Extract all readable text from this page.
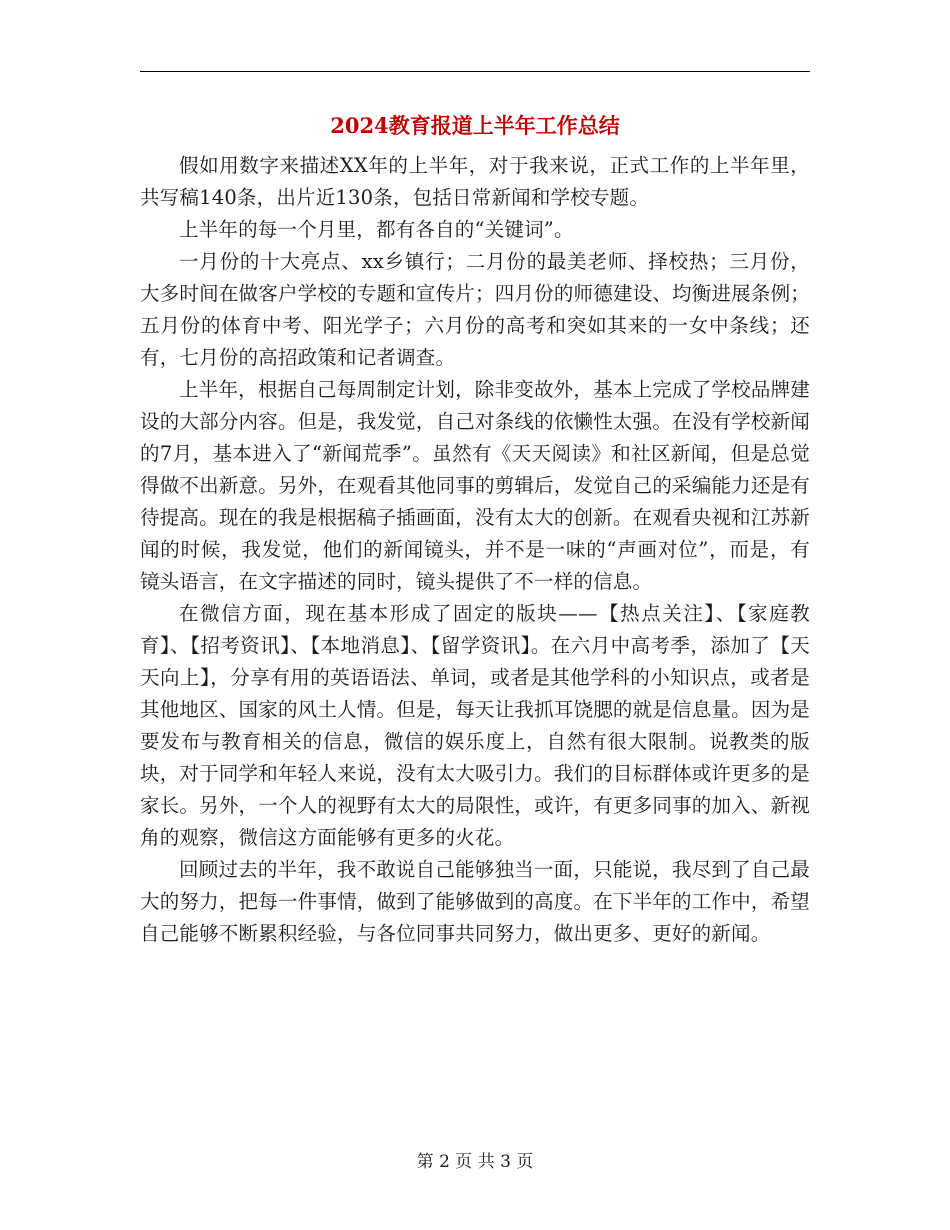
2024教育报道上半年工作总结

假如用数字来描述XX年的上半年，对于我来说，正式工作的上半年里，共写稿140条，出片近130条，包括日常新闻和学校专题。

上半年的每一个月里，都有各自的“关键词”。

一月份的十大亮点、xx乡镇行；二月份的最美老师、择校热；三月份，大多时间在做客户学校的专题和宣传片；四月份的师德建设、均衡进展条例；五月份的体育中考、阳光学子；六月份的高考和突如其来的一女中条线；还有，七月份的高招政策和记者调查。

上半年，根据自己每周制定计划，除非变故外，基本上完成了学校品牌建设的大部分内容。但是，我发觉，自己对条线的依懒性太强。在没有学校新闻的7月，基本进入了“新闻荒季”。虽然有《天天阅读》和社区新闻，但是总觉得做不出新意。另外，在观看其他同事的剪辑后，发觉自己的采编能力还是有待提高。现在的我是根据稿子插画面，没有太大的创新。在观看央视和江苏新闻的时候，我发觉，他们的新闻镜头，并不是一味的“声画对位”，而是，有镜头语言，在文字描述的同时，镜头提供了不一样的信息。

在微信方面，现在基本形成了固定的版块——【热点关注】、【家庭教育】、【招考资讯】、【本地消息】、【留学资讯】。在六月中高考季，添加了【天天向上】，分享有用的英语语法、单词，或者是其他学科的小知识点，或者是其他地区、国家的风土人情。但是，每天让我抓耳饶腮的就是信息量。因为是要发布与教育相关的信息，微信的娱乐度上，自然有很大限制。说教类的版块，对于同学和年轻人来说，没有太大吸引力。我们的目标群体或许更多的是家长。另外，一个人的视野有太大的局限性，或许，有更多同事的加入、新视角的观察，微信这方面能够有更多的火花。

回顾过去的半年，我不敢说自己能够独当一面，只能说，我尽到了自己最大的努力，把每一件事情，做到了能够做到的高度。在下半年的工作中，希望自己能够不断累积经验，与各位同事共同努力，做出更多、更好的新闻。

第 2 页 共 3 页
